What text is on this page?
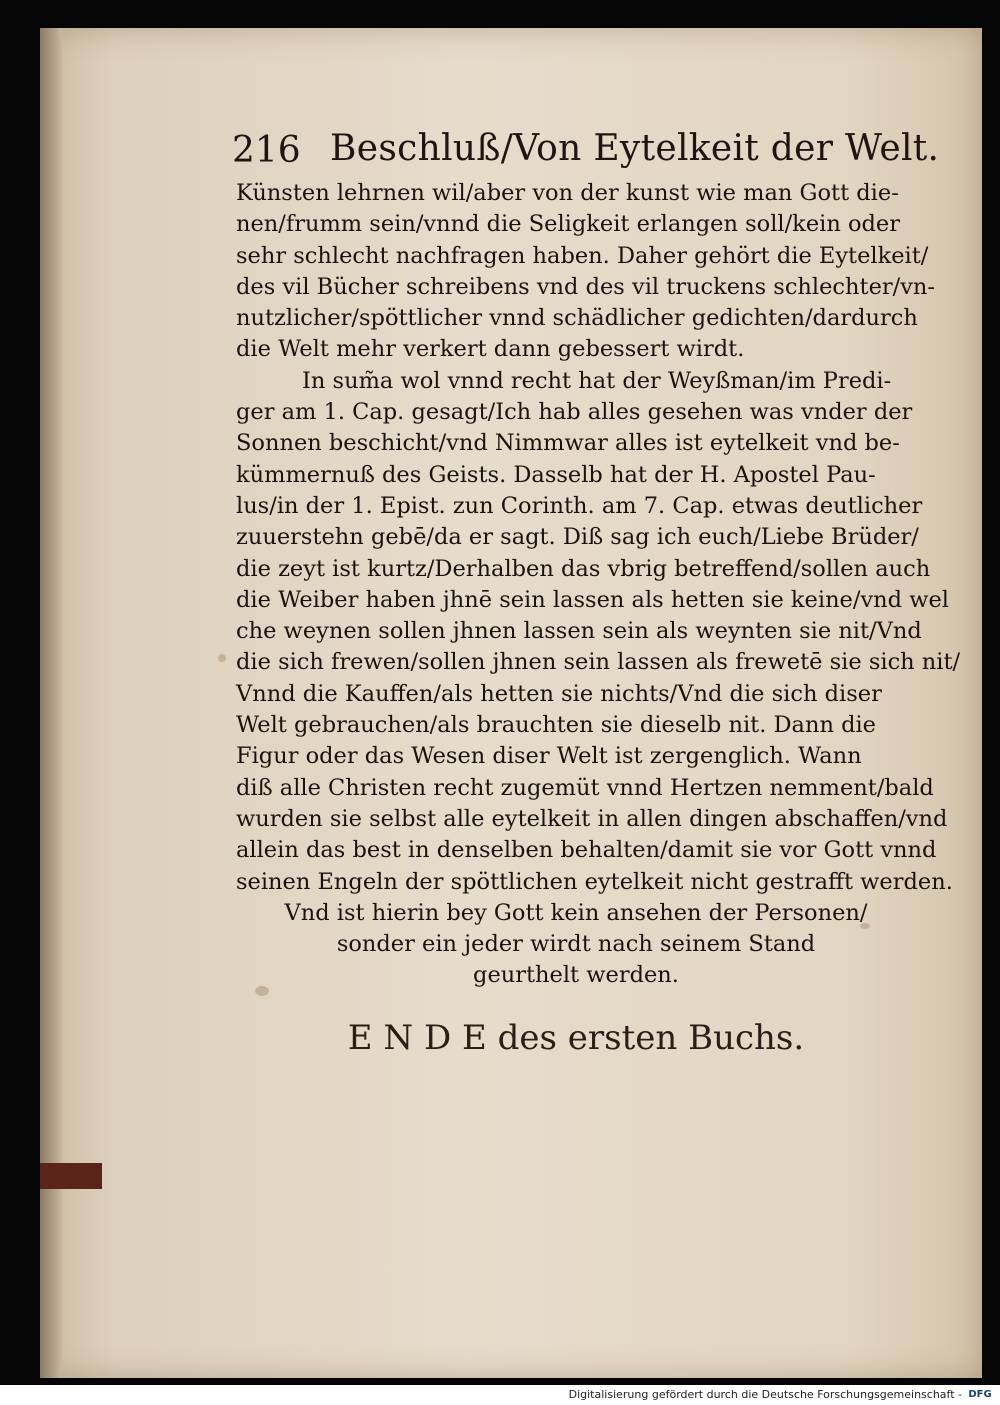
216 Beschluß/Von Eytelkeit der Welt.
Künsten lehrnen wil/aber von der kunst wie man Gott die-
nen/frumm sein/vnnd die Seligkeit erlangen soll/kein oder
sehr schlecht nachfragen haben. Daher gehört die Eytelkeit/
des vil Bücher schreibens vnd des vil truckens schlechter/vn-
nutzlicher/spöttlicher vnnd schädlicher gedichten/dardurch
die Welt mehr verkert dann gebessert wirdt.
In sum̃a wol vnnd recht hat der Weyßman/im Predi-
ger am 1. Cap. gesagt/Ich hab alles gesehen was vnder der
Sonnen beschicht/vnd Nimmwar alles ist eytelkeit vnd be-
kümmernuß des Geists. Dasselb hat der H. Apostel Pau-
lus/in der 1. Epist. zun Corinth. am 7. Cap. etwas deutlicher
zuuerstehn gebē/da er sagt. Diß sag ich euch/Liebe Brüder/
die zeyt ist kurtz/Derhalben das vbrig betreffend/sollen auch
die Weiber haben jhnē sein lassen als hetten sie keine/vnd wel
che weynen sollen jhnen lassen sein als weynten sie nit/Vnd
die sich frewen/sollen jhnen sein lassen als frewetē sie sich nit/
Vnnd die Kauffen/als hetten sie nichts/Vnd die sich diser
Welt gebrauchen/als brauchten sie dieselb nit. Dann die
Figur oder das Wesen diser Welt ist zergenglich. Wann
diß alle Christen recht zugemüt vnnd Hertzen nemment/bald
wurden sie selbst alle eytelkeit in allen dingen abschaffen/vnd
allein das best in denselben behalten/damit sie vor Gott vnnd
seinen Engeln der spöttlichen eytelkeit nicht gestrafft werden.
Vnd ist hierin bey Gott kein ansehen der Personen/
sonder ein jeder wirdt nach seinem Stand
geurthelt werden.
E N D E des ersten Buchs.
Digitalisierung gefördert durch die Deutsche Forschungsgemeinschaft - DFG
